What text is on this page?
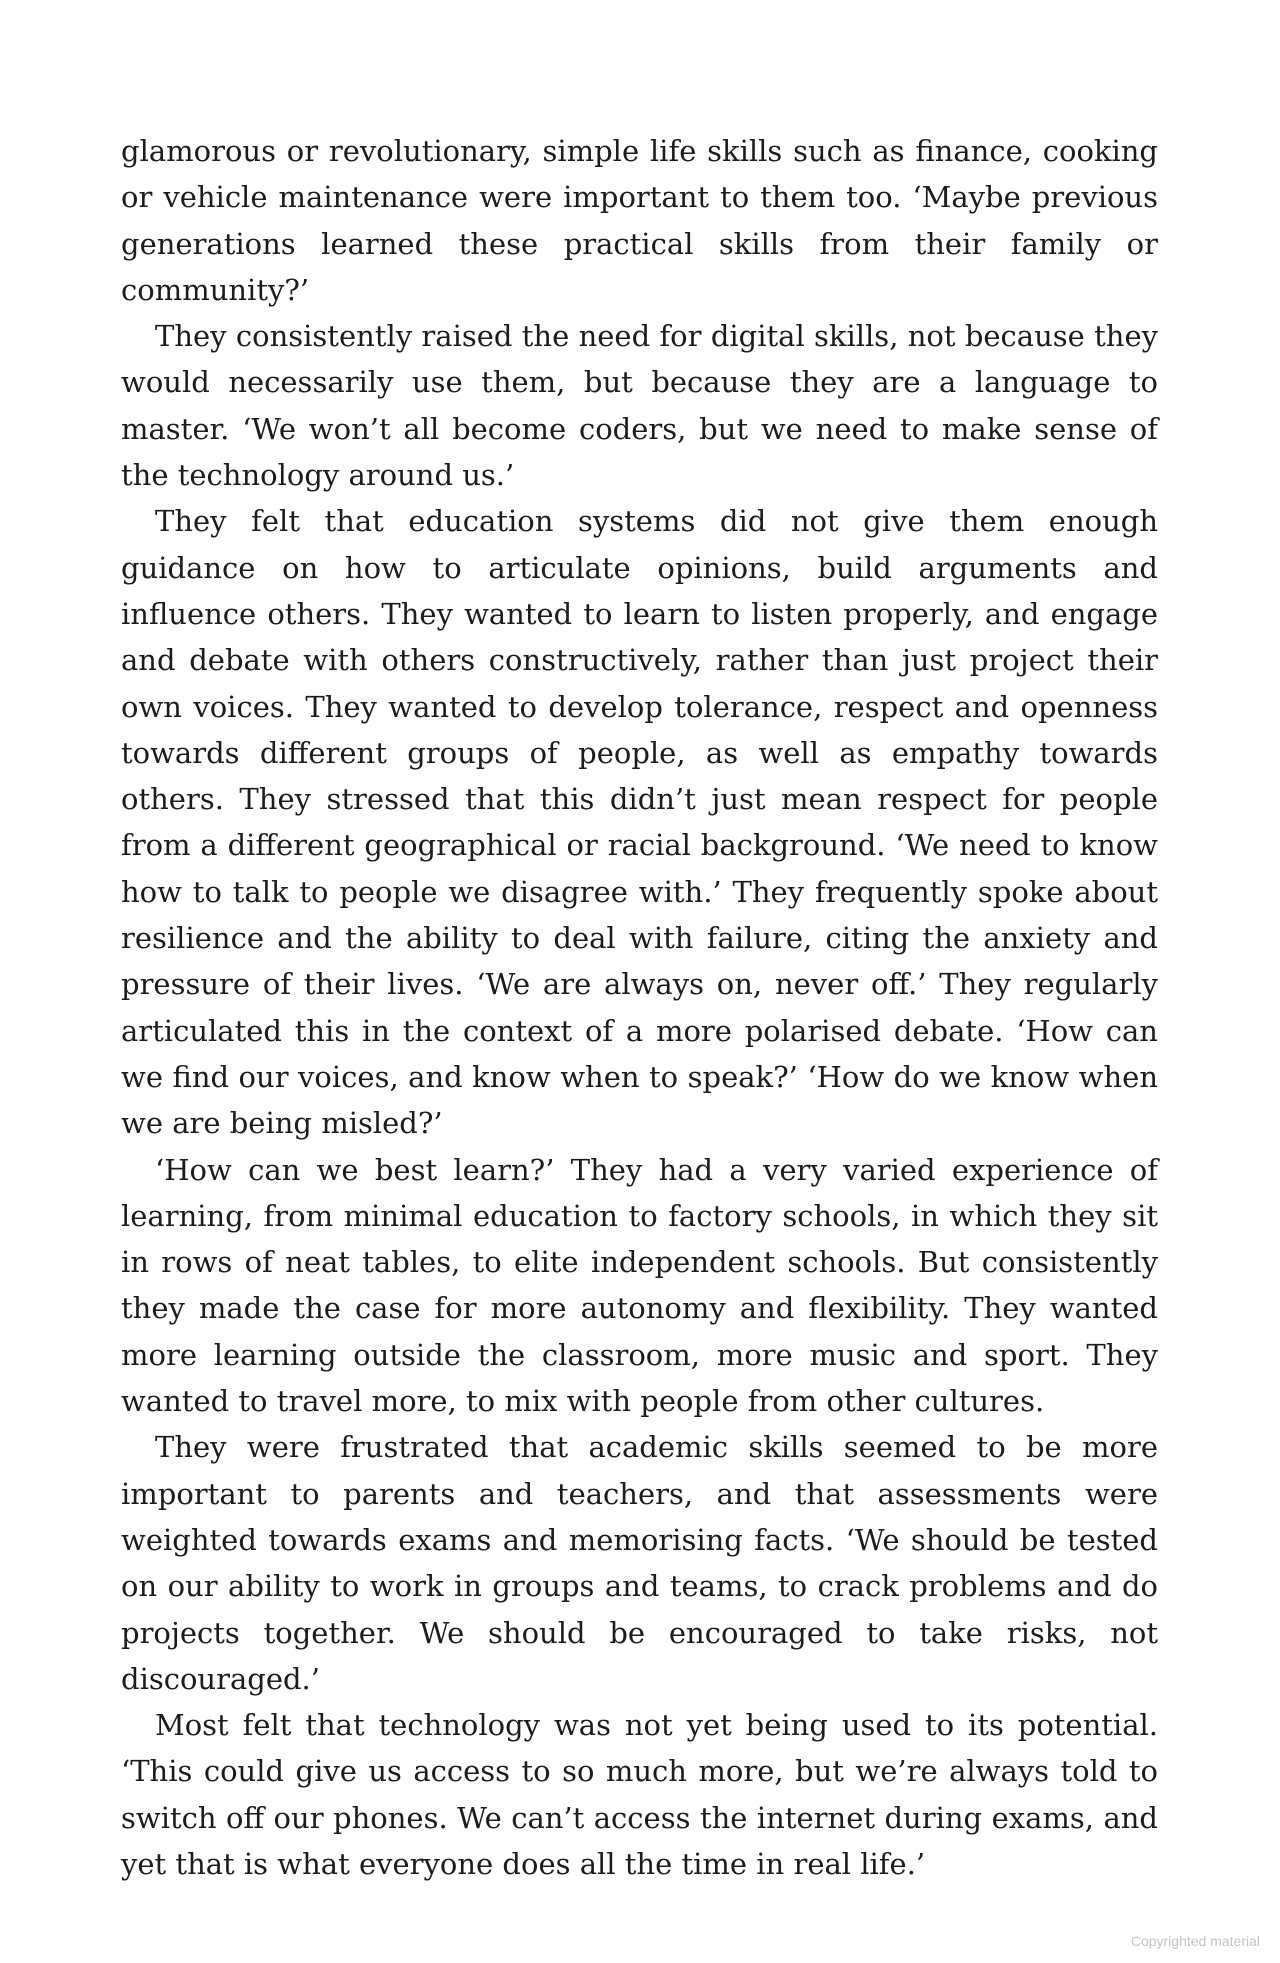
glamorous or revolutionary, simple life skills such as finance, cooking or vehicle maintenance were important to them too. ‘Maybe previous generations learned these practical skills from their family or community?’

They consistently raised the need for digital skills, not because they would necessarily use them, but because they are a language to master. ‘We won’t all become coders, but we need to make sense of the technology around us.’

They felt that education systems did not give them enough guidance on how to articulate opinions, build arguments and influence others. They wanted to learn to listen properly, and engage and debate with others constructively, rather than just project their own voices. They wanted to develop tolerance, respect and openness towards different groups of people, as well as empathy towards others. They stressed that this didn’t just mean respect for people from a different geographical or racial background. ‘We need to know how to talk to people we disagree with.’ They frequently spoke about resilience and the ability to deal with failure, citing the anxiety and pressure of their lives. ‘We are always on, never off.’ They regularly articulated this in the context of a more polarised debate. ‘How can we find our voices, and know when to speak?’ ‘How do we know when we are being misled?’

‘How can we best learn?’ They had a very varied experience of learning, from minimal education to factory schools, in which they sit in rows of neat tables, to elite independent schools. But consistently they made the case for more autonomy and flexibility. They wanted more learning outside the classroom, more music and sport. They wanted to travel more, to mix with people from other cultures.

They were frustrated that academic skills seemed to be more important to parents and teachers, and that assessments were weighted towards exams and memorising facts. ‘We should be tested on our ability to work in groups and teams, to crack problems and do projects together. We should be encouraged to take risks, not discouraged.’

Most felt that technology was not yet being used to its potential. ‘This could give us access to so much more, but we’re always told to switch off our phones. We can’t access the internet during exams, and yet that is what everyone does all the time in real life.’

Copyrighted material
